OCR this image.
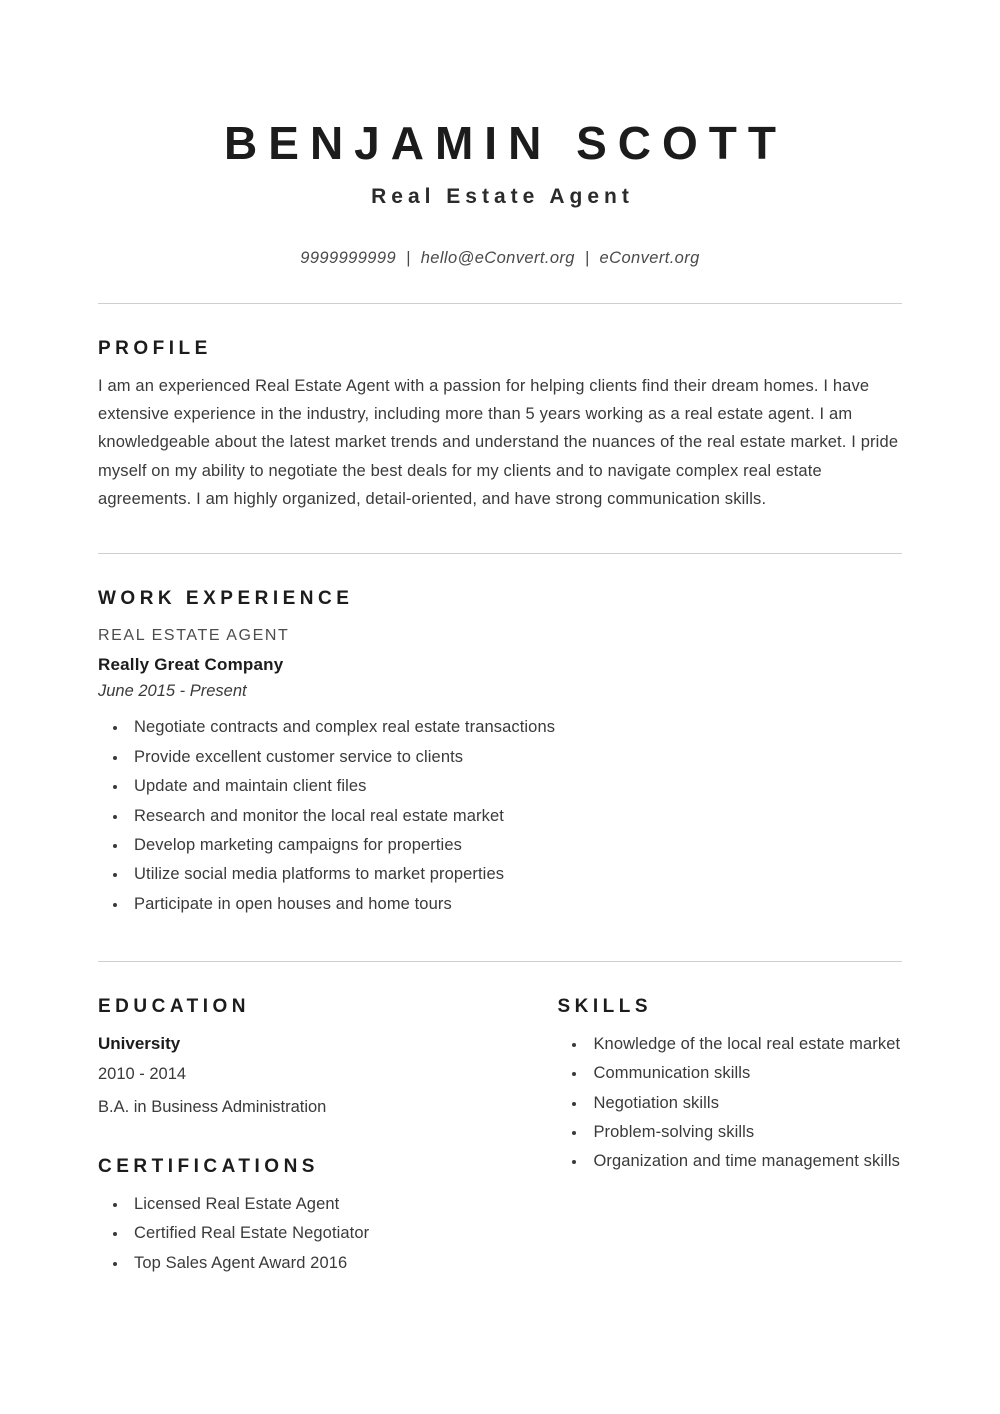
BENJAMIN SCOTT
Real Estate Agent
9999999999 | hello@eConvert.org | eConvert.org
PROFILE

I am an experienced Real Estate Agent with a passion for helping clients find their dream homes. I have extensive experience in the industry, including more than 5 years working as a real estate agent. I am knowledgeable about the latest market trends and understand the nuances of the real estate market. I pride myself on my ability to negotiate the best deals for my clients and to navigate complex real estate agreements. I am highly organized, detail-oriented, and have strong communication skills.

WORK EXPERIENCE
REAL ESTATE AGENT
Really Great Company
June 2015 - Present
• Negotiate contracts and complex real estate transactions
• Provide excellent customer service to clients
• Update and maintain client files
• Research and monitor the local real estate market
• Develop marketing campaigns for properties
• Utilize social media platforms to market properties
• Participate in open houses and home tours
EDUCATION
University
2010 - 2014
B.A. in Business Administration
CERTIFICATIONS
• Licensed Real Estate Agent
• Certified Real Estate Negotiator
• Top Sales Agent Award 2016
SKILLS
• Knowledge of the local real estate market
• Communication skills
• Negotiation skills
• Problem-solving skills
• Organization and time management skills
